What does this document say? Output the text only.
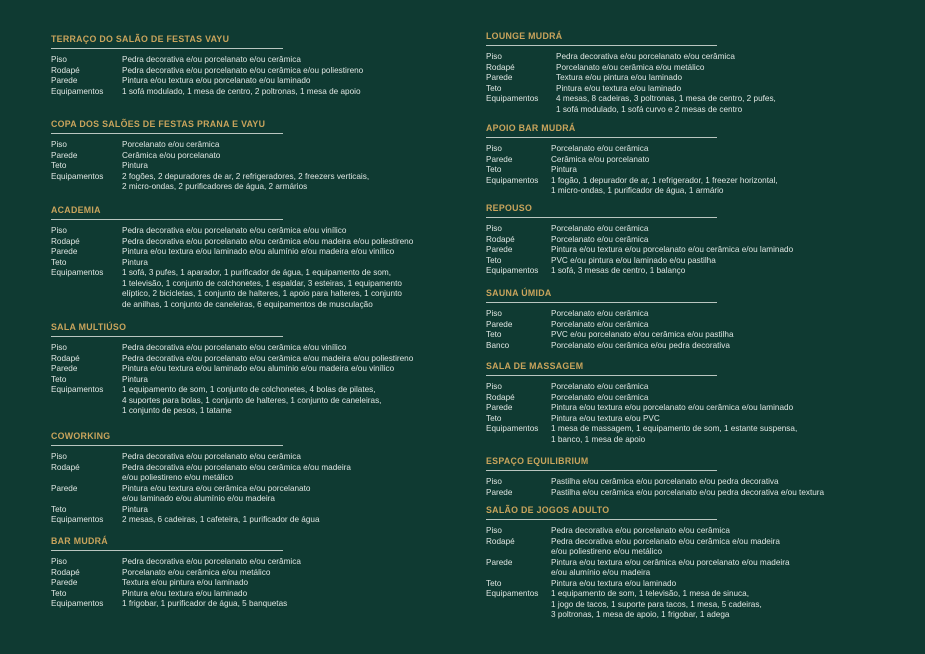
TERRAÇO DO SALÃO DE FESTAS VAYU
Piso	Pedra decorativa e/ou porcelanato e/ou cerâmica
Rodapé	Pedra decorativa e/ou porcelanato e/ou cerâmica e/ou poliestireno
Parede	Pintura e/ou textura e/ou porcelanato e/ou laminado
Equipamentos	1 sofá modulado, 1 mesa de centro, 2 poltronas, 1 mesa de apoio
COPA DOS SALÕES DE FESTAS PRANA E VAYU
Piso	Porcelanato e/ou cerâmica
Parede	Cerâmica e/ou porcelanato
Teto	Pintura
Equipamentos	2 fogões, 2 depuradores de ar, 2 refrigeradores, 2 freezers verticais,
2 micro-ondas, 2 purificadores de água, 2 armários
ACADEMIA
Piso	Pedra decorativa e/ou porcelanato e/ou cerâmica e/ou vinílico
Rodapé	Pedra decorativa e/ou porcelanato e/ou cerâmica e/ou madeira e/ou poliestireno
Parede	Pintura e/ou textura e/ou laminado e/ou alumínio e/ou madeira e/ou vinílico
Teto	Pintura
Equipamentos	1 sofá, 3 pufes, 1 aparador, 1 purificador de água, 1 equipamento de som,
1 televisão, 1 conjunto de colchonetes, 1 espaldar, 3 esteiras, 1 equipamento
elíptico, 2 bicicletas, 1 conjunto de halteres, 1 apoio para halteres, 1 conjunto
de anilhas, 1 conjunto de caneleiras, 6 equipamentos de musculação
SALA MULTIÚSO
Piso	Pedra decorativa e/ou porcelanato e/ou cerâmica e/ou vinílico
Rodapé	Pedra decorativa e/ou porcelanato e/ou cerâmica e/ou madeira e/ou poliestireno
Parede	Pintura e/ou textura e/ou laminado e/ou alumínio e/ou madeira e/ou vinílico
Teto	Pintura
Equipamentos	1 equipamento de som, 1 conjunto de colchonetes, 4 bolas de pilates,
4 suportes para bolas, 1 conjunto de halteres, 1 conjunto de caneleiras,
1 conjunto de pesos, 1 tatame
COWORKING
Piso	Pedra decorativa e/ou porcelanato e/ou cerâmica
Rodapé	Pedra decorativa e/ou porcelanato e/ou cerâmica e/ou madeira
e/ou poliestireno e/ou metálico
Parede	Pintura e/ou textura e/ou cerâmica e/ou porcelanato
e/ou laminado e/ou alumínio e/ou madeira
Teto	Pintura
Equipamentos	2 mesas, 6 cadeiras, 1 cafeteira, 1 purificador de água
BAR MUDRÁ
Piso	Pedra decorativa e/ou porcelanato e/ou cerâmica
Rodapé	Porcelanato e/ou cerâmica e/ou metálico
Parede	Textura e/ou pintura e/ou laminado
Teto	Pintura e/ou textura e/ou laminado
Equipamentos	1 frigobar, 1 purificador de água, 5 banquetas
LOUNGE MUDRÁ
Piso	Pedra decorativa e/ou porcelanato e/ou cerâmica
Rodapé	Porcelanato e/ou cerâmica e/ou metálico
Parede	Textura e/ou pintura e/ou laminado
Teto	Pintura e/ou textura e/ou laminado
Equipamentos	4 mesas, 8 cadeiras, 3 poltronas, 1 mesa de centro, 2 pufes,
1 sofá modulado, 1 sofá curvo e 2 mesas de centro
APOIO BAR MUDRÁ
Piso	Porcelanato e/ou cerâmica
Parede	Cerâmica e/ou porcelanato
Teto	Pintura
Equipamentos	1 fogão, 1 depurador de ar, 1 refrigerador, 1 freezer horizontal,
1 micro-ondas, 1 purificador de água, 1 armário
REPOUSO
Piso	Porcelanato e/ou cerâmica
Rodapé	Porcelanato e/ou cerâmica
Parede	Pintura e/ou textura e/ou porcelanato e/ou cerâmica e/ou laminado
Teto	PVC e/ou pintura e/ou laminado e/ou pastilha
Equipamentos	1 sofá, 3 mesas de centro, 1 balanço
SAUNA ÚMIDA
Piso	Porcelanato e/ou cerâmica
Parede	Porcelanato e/ou cerâmica
Teto	PVC e/ou porcelanato e/ou cerâmica e/ou pastilha
Banco	Porcelanato e/ou cerâmica e/ou pedra decorativa
SALA DE MASSAGEM
Piso	Porcelanato e/ou cerâmica
Rodapé	Porcelanato e/ou cerâmica
Parede	Pintura e/ou textura e/ou porcelanato e/ou cerâmica e/ou laminado
Teto	Pintura e/ou textura e/ou PVC
Equipamentos	1 mesa de massagem, 1 equipamento de som, 1 estante suspensa,
1 banco, 1 mesa de apoio
ESPAÇO EQUILIBRIUM
Piso	Pastilha e/ou cerâmica e/ou porcelanato e/ou pedra decorativa
Parede	Pastilha e/ou cerâmica e/ou porcelanato e/ou pedra decorativa e/ou textura
SALÃO DE JOGOS ADULTO
Piso	Pedra decorativa e/ou porcelanato e/ou cerâmica
Rodapé	Pedra decorativa e/ou porcelanato e/ou cerâmica e/ou madeira
e/ou poliestireno e/ou metálico
Parede	Pintura e/ou textura e/ou cerâmica e/ou porcelanato e/ou madeira
e/ou alumínio e/ou madeira
Teto	Pintura e/ou textura e/ou laminado
Equipamentos	1 equipamento de som, 1 televisão, 1 mesa de sinuca,
1 jogo de tacos, 1 suporte para tacos, 1 mesa, 5 cadeiras,
3 poltronas, 1 mesa de apoio, 1 frigobar, 1 adega
